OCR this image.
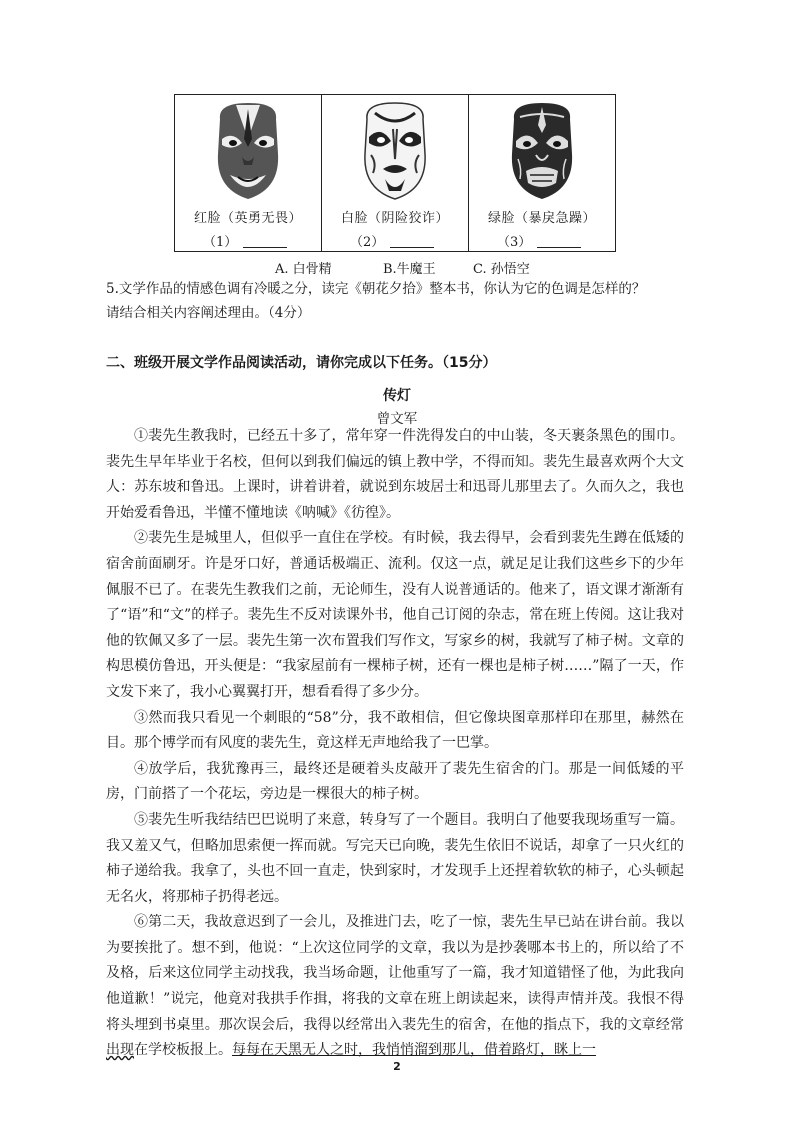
红脸（英勇无畏）
（1）
白脸（阴险狡诈）
（2）
绿脸（暴戾急躁）
（3）
A. 白骨精	B.牛魔王	C. 孙悟空
5.文学作品的情感色调有冷暖之分，读完《朝花夕拾》整本书，你认为它的色调是怎样的？
请结合相关内容阐述理由。（4分）
二、班级开展文学作品阅读活动，请你完成以下任务。（15分）
传灯
曾文军

①裴先生教我时，已经五十多了，常年穿一件洗得发白的中山装，冬天裹条黑色的围巾。裴先生早年毕业于名校，但何以到我们偏远的镇上教中学，不得而知。裴先生最喜欢两个大文人：苏东坡和鲁迅。上课时，讲着讲着，就说到东坡居士和迅哥儿那里去了。久而久之，我也开始爱看鲁迅，半懂不懂地读《呐喊》《彷徨》。

②裴先生是城里人，但似乎一直住在学校。有时候，我去得早，会看到裴先生蹲在低矮的宿舍前面刷牙。许是牙口好，普通话极端正、流利。仅这一点，就足足让我们这些乡下的少年佩服不已了。在裴先生教我们之前，无论师生，没有人说普通话的。他来了，语文课才渐渐有了“语”和“文”的样子。裴先生不反对读课外书，他自己订阅的杂志，常在班上传阅。这让我对他的钦佩又多了一层。裴先生第一次布置我们写作文，写家乡的树，我就写了柿子树。文章的构思模仿鲁迅，开头便是：“我家屋前有一棵柿子树，还有一棵也是柿子树……”隔了一天，作文发下来了，我小心翼翼打开，想看看得了多少分。

③然而我只看见一个刺眼的“58”分，我不敢相信，但它像块图章那样印在那里，赫然在目。那个博学而有风度的裴先生，竟这样无声地给我了一巴掌。

④放学后，我犹豫再三，最终还是硬着头皮敲开了裴先生宿舍的门。那是一间低矮的平房，门前搭了一个花坛，旁边是一棵很大的柿子树。

⑤裴先生听我结结巴巴说明了来意，转身写了一个题目。我明白了他要我现场重写一篇。我又羞又气，但略加思索便一挥而就。写完天已向晚，裴先生依旧不说话，却拿了一只火红的柿子递给我。我拿了，头也不回一直走，快到家时，才发现手上还捏着软软的柿子，心头顿起无名火，将那柿子扔得老远。

⑥第二天，我故意迟到了一会儿，及推进门去，吃了一惊，裴先生早已站在讲台前。我以为要挨批了。想不到，他说：“上次这位同学的文章，我以为是抄袭哪本书上的，所以给了不及格，后来这位同学主动找我，我当场命题，让他重写了一篇，我才知道错怪了他，为此我向他道歉！”说完，他竟对我拱手作揖，将我的文章在班上朗读起来，读得声情并茂。我恨不得将头埋到书桌里。那次误会后，我得以经常出入裴先生的宿舍，在他的指点下，我的文章经常出现在学校板报上。每每在天黑无人之时，我悄悄溜到那儿，借着路灯，眯上一

2
